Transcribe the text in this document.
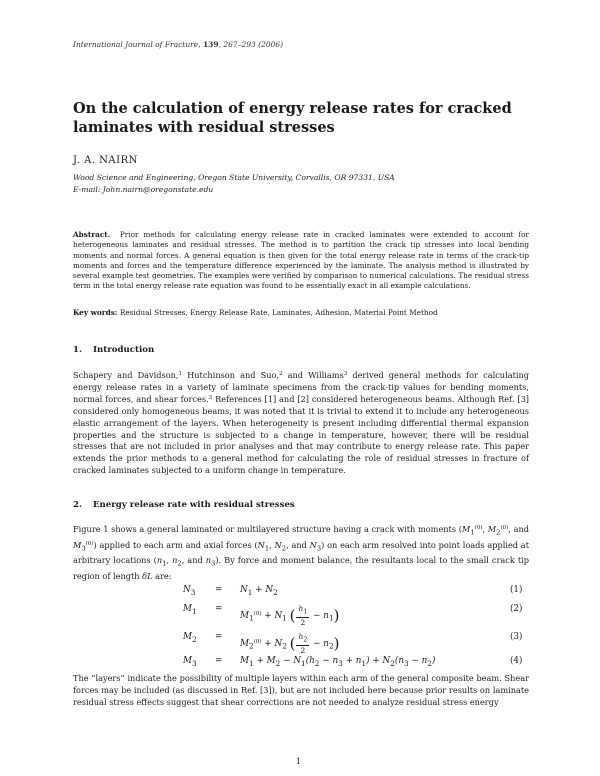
International Journal of Fracture, 139, 267–293 (2006)
On the calculation of energy release rates for cracked laminates with residual stresses
J. A. NAIRN
Wood Science and Engineering, Oregon State University, Corvallis, OR 97331, USA
E-mail: John.nairn@oregonstate.edu
Abstract. Prior methods for calculating energy release rate in cracked laminates were extended to account for heterogeneous laminates and residual stresses. The method is to partition the crack tip stresses into local bending moments and normal forces. A general equation is then given for the total energy release rate in terms of the crack-tip moments and forces and the temperature difference experienced by the laminate. The analysis method is illustrated by several example test geometries. The examples were verified by comparison to numerical calculations. The residual stress term in the total energy release rate equation was found to be essentially exact in all example calculations.
Key words: Residual Stresses, Energy Release Rate, Laminates, Adhesion, Material Point Method
1. Introduction
Schapery and Davidson,$^1$ Hutchinson and Suo,$^2$ and Williams$^3$ derived general methods for calculating energy release rates in a variety of laminate specimens from the crack-tip values for bending moments, normal forces, and shear forces.$^3$ References [1] and [2] considered heterogeneous beams. Although Ref. [3] considered only homogeneous beams, it was noted that it is trivial to extend it to include any heterogeneous elastic arrangement of the layers. When heterogeneity is present including differential thermal expansion properties and the structure is subjected to a change in temperature, however, there will be residual stresses that are not included in prior analyses and that may contribute to energy release rate. This paper extends the prior methods to a general method for calculating the role of residual stresses in fracture of cracked laminates subjected to a uniform change in temperature.
2. Energy release rate with residual stresses
Figure 1 shows a general laminated or multilayered structure having a crack with moments ($M_1^{(0)}$, $M_2^{(0)}$, and $M_3^{(0)}$) applied to each arm and axial forces ($N_1$, $N_2$, and $N_3$) on each arm resolved into point loads applied at arbitrary locations ($n_1$, $n_2$, and $n_3$). By force and moment balance, the resultants local to the small crack tip region of length δL are:
$N_3 = N_1 + N_2$	(1)
$M_1$ =
$M_1^{(0)} + N_1$ ( $\frac{h_1}{2} - n_1$)	(2)
$M_2$ =
$M_2^{(0)} + N_2$ ( $\frac{h_2}{2} - n_2$)	(3)
$M_3 = M_1 + M_2 - N_1(h_2 - n_3 + n_1) + N_2(n_3 - n_2)$	(4)
The “layers” indicate the possibility of multiple layers within each arm of the general composite beam. Shear forces may be included (as discussed in Ref. [3]), but are not included here because prior results on laminate residual stress effects suggest that shear corrections are not needed to analyze residual stress energy
1
